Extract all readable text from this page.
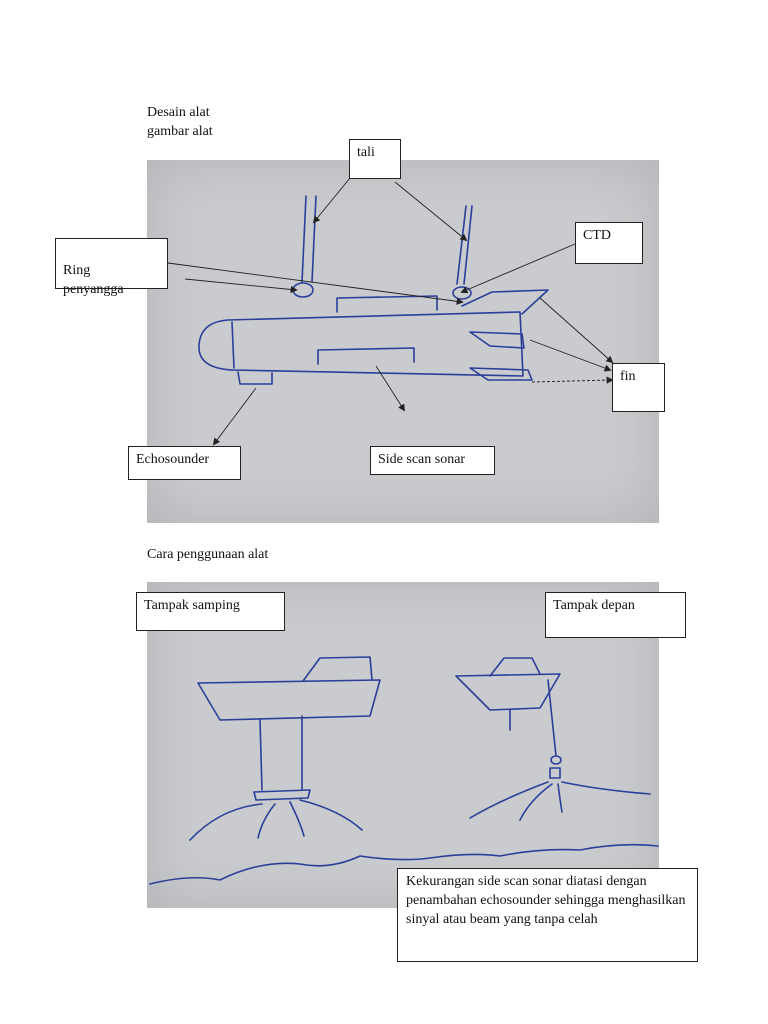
Desain alat
gambar alat
tali
CTD

Ring
penyangga

fin
Echosounder	Side scan sonar
Cara penggunaan alat
Tampak samping	Tampak depan
Kekurangan side scan sonar diatasi dengan penambahan echosounder sehingga menghasilkan sinyal atau beam yang tanpa celah
